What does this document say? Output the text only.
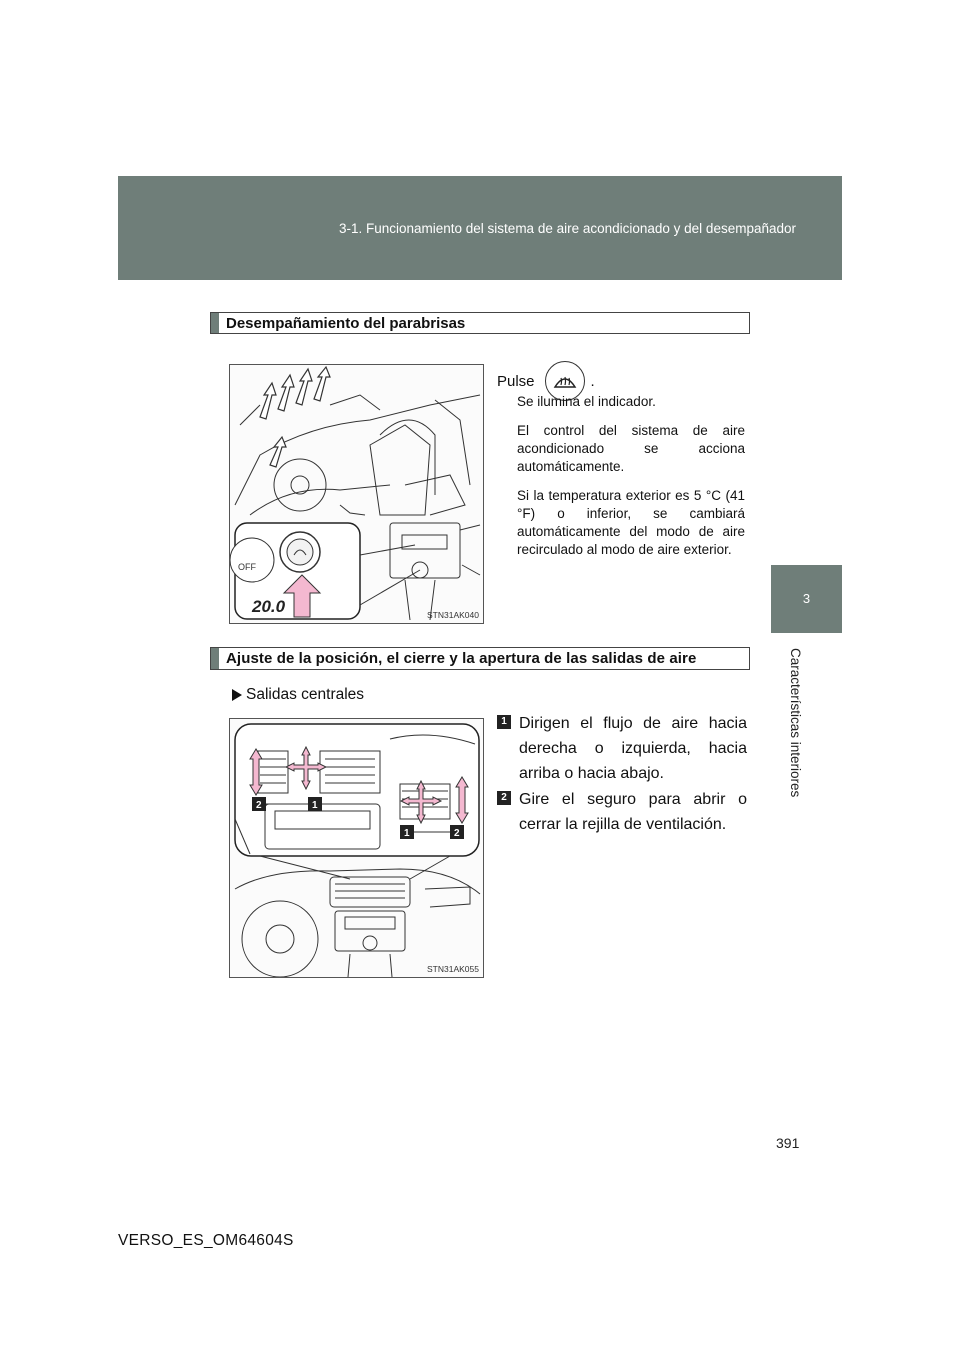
3-1. Funcionamiento del sistema de aire acondicionado y del desempañador
3
Características interiores
Desempañamiento del parabrisas
OFF
20.0	STN31AK040
Pulse	.
Se ilumina el indicador.
El control del sistema de aire acondicionado se acciona automáticamente.
Si la temperatura exterior es 5 °C (41 °F) o inferior, se cambiará automáticamente del modo de aire recirculado al modo de aire exterior.
Ajuste de la posición, el cierre y la apertura de las salidas de aire
Salidas centrales
2	1
1	2
STN31AK055
1 Dirigen el flujo de aire hacia derecha o izquierda, hacia arriba o hacia abajo.
2 Gire el seguro para abrir o cerrar la rejilla de ventilación.
391
VERSO_ES_OM64604S
